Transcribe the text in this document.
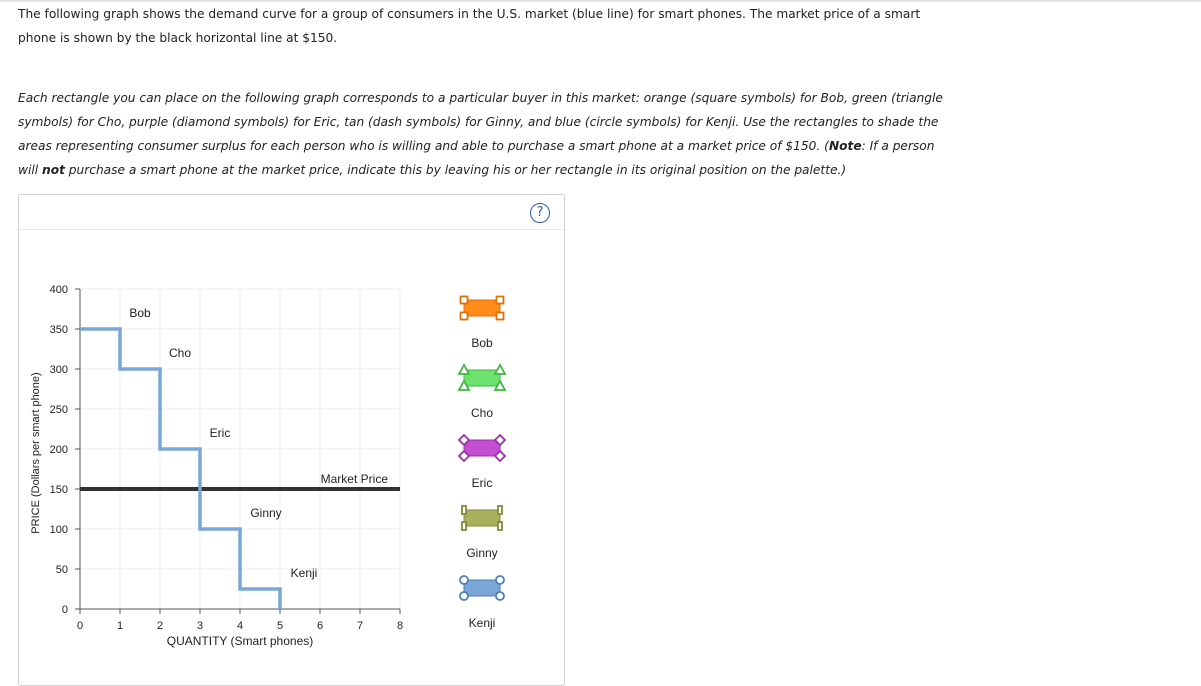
The following graph shows the demand curve for a group of consumers in the U.S. market (blue line) for smart phones. The market price of a smart phone is shown by the black horizontal line at $150.

Each rectangle you can place on the following graph corresponds to a particular buyer in this market: orange (square symbols) for Bob, green (triangle symbols) for Cho, purple (diamond symbols) for Eric, tan (dash symbols) for Ginny, and blue (circle symbols) for Kenji. Use the rectangles to shade the areas representing consumer surplus for each person who is willing and able to purchase a smart phone at a market price of $150. (Note: If a person will not purchase a smart phone at the market price, indicate this by leaving his or her rectangle in its original position on the palette.)

?
0
50
100
150
200
250
300
350
400
0	1	2	3	4	5	6	7	8
Market Price
Bob
Cho
Eric
Ginny
Kenji
Bob
Cho
Eric
Ginny
Kenji
PRICE (Dollars per smart phone)
QUANTITY (Smart phones)
